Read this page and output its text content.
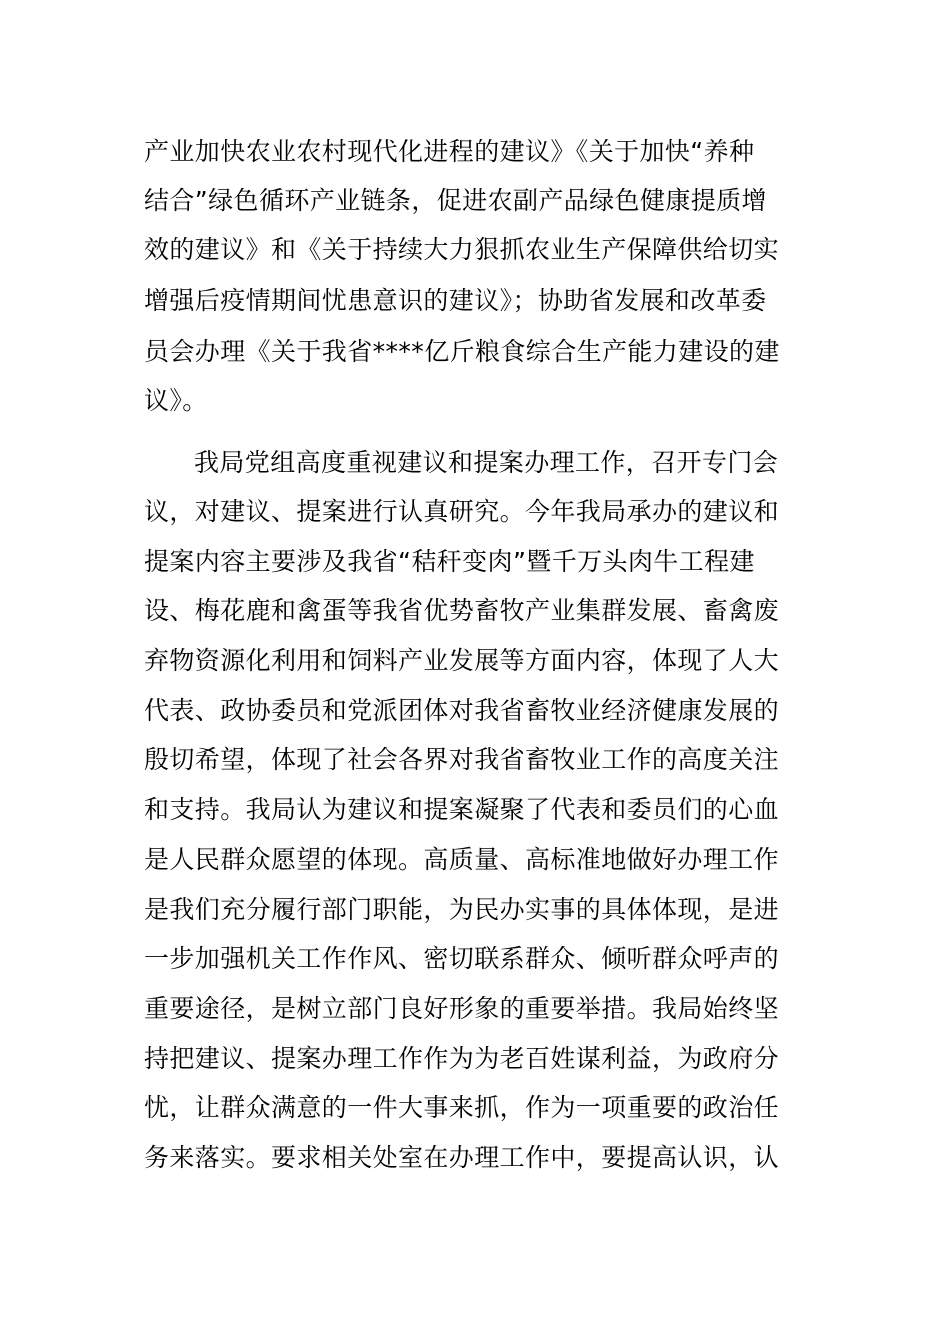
产业加快农业农村现代化进程的建议》《关于加快“养种
结合”绿色循环产业链条，促进农副产品绿色健康提质增
效的建议》和《关于持续大力狠抓农业生产保障供给切实
增强后疫情期间忧患意识的建议》；协助省发展和改革委
员会办理《关于我省****亿斤粮食综合生产能力建设的建
议》。
我局党组高度重视建议和提案办理工作，召开专门会
议，对建议、提案进行认真研究。今年我局承办的建议和
提案内容主要涉及我省“秸秆变肉”暨千万头肉牛工程建
设、梅花鹿和禽蛋等我省优势畜牧产业集群发展、畜禽废
弃物资源化利用和饲料产业发展等方面内容，体现了人大
代表、政协委员和党派团体对我省畜牧业经济健康发展的
殷切希望，体现了社会各界对我省畜牧业工作的高度关注
和支持。我局认为建议和提案凝聚了代表和委员们的心血
是人民群众愿望的体现。高质量、高标准地做好办理工作
是我们充分履行部门职能，为民办实事的具体体现，是进
一步加强机关工作作风、密切联系群众、倾听群众呼声的
重要途径，是树立部门良好形象的重要举措。我局始终坚
持把建议、提案办理工作作为为老百姓谋利益，为政府分
忧，让群众满意的一件大事来抓，作为一项重要的政治任
务来落实。要求相关处室在办理工作中，要提高认识，认
